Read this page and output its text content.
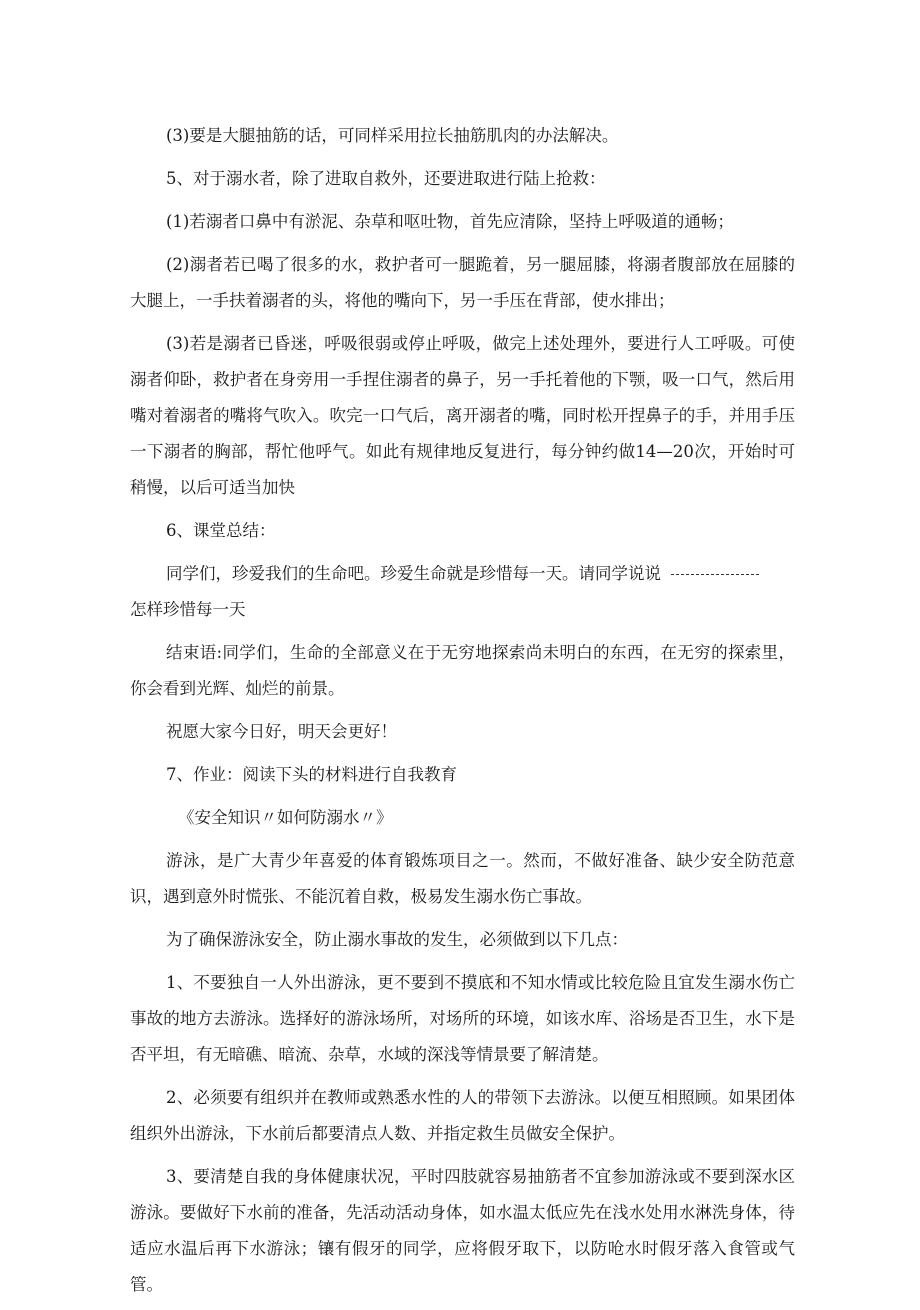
(3)要是大腿抽筋的话，可同样采用拉长抽筋肌肉的办法解决。

5、对于溺水者，除了进取自救外，还要进取进行陆上抢救：

(1)若溺者口鼻中有淤泥、杂草和呕吐物，首先应清除，坚持上呼吸道的通畅；

(2)溺者若已喝了很多的水，救护者可一腿跪着，另一腿屈膝，将溺者腹部放在屈膝的大腿上，一手扶着溺者的头，将他的嘴向下，另一手压在背部，使水排出；

(3)若是溺者已昏迷，呼吸很弱或停止呼吸，做完上述处理外，要进行人工呼吸。可使溺者仰卧，救护者在身旁用一手捏住溺者的鼻子，另一手托着他的下颚，吸一口气，然后用嘴对着溺者的嘴将气吹入。吹完一口气后，离开溺者的嘴，同时松开捏鼻子的手，并用手压一下溺者的胸部，帮忙他呼气。如此有规律地反复进行，每分钟约做14—20次，开始时可稍慢，以后可适当加快

6、课堂总结：

同学们，珍爱我们的生命吧。珍爱生命就是珍惜每一天。请同学说说

怎样珍惜每一天

结束语:同学们，生命的全部意义在于无穷地探索尚未明白的东西，在无穷的探索里，你会看到光辉、灿烂的前景。

祝愿大家今日好，明天会更好！

7、作业：阅读下头的材料进行自我教育

《安全知识〃如何防溺水〃》

游泳，是广大青少年喜爱的体育锻炼项目之一。然而，不做好准备、缺少安全防范意识，遇到意外时慌张、不能沉着自救，极易发生溺水伤亡事故。

为了确保游泳安全，防止溺水事故的发生，必须做到以下几点：

1、不要独自一人外出游泳，更不要到不摸底和不知水情或比较危险且宜发生溺水伤亡事故的地方去游泳。选择好的游泳场所，对场所的环境，如该水库、浴场是否卫生，水下是否平坦，有无暗礁、暗流、杂草，水域的深浅等情景要了解清楚。

2、必须要有组织并在教师或熟悉水性的人的带领下去游泳。以便互相照顾。如果团体组织外出游泳，下水前后都要清点人数、并指定救生员做安全保护。

3、要清楚自我的身体健康状况，平时四肢就容易抽筋者不宜参加游泳或不要到深水区游泳。要做好下水前的准备，先活动活动身体，如水温太低应先在浅水处用水淋洗身体，待适应水温后再下水游泳；镶有假牙的同学，应将假牙取下，以防呛水时假牙落入食管或气管。
